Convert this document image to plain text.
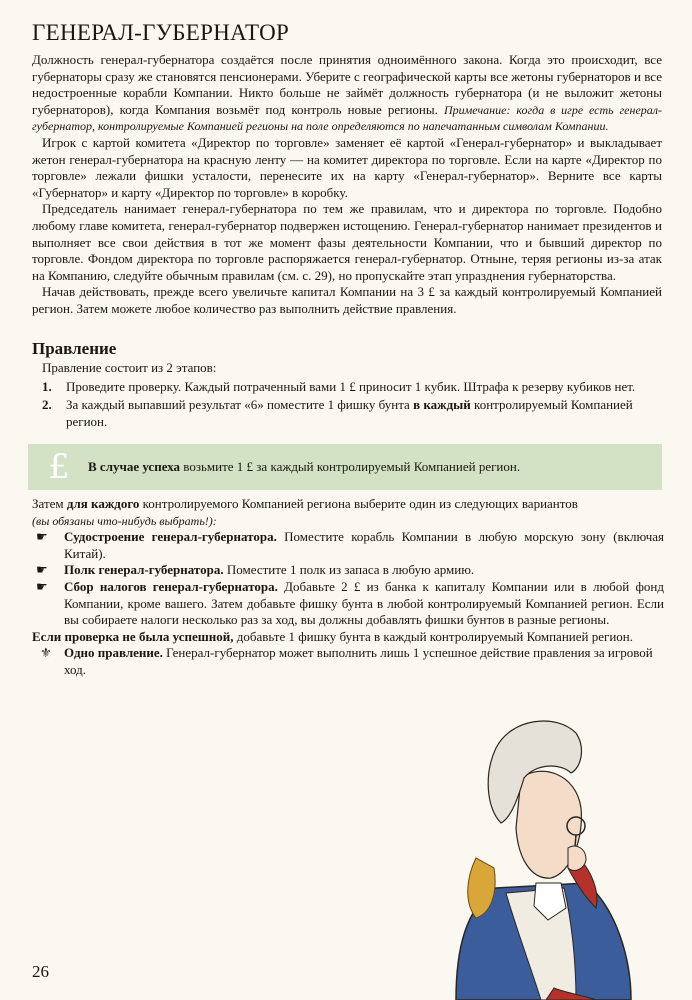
ГЕНЕРАЛ-ГУБЕРНАТОР

Должность генерал-губернатора создаётся после принятия одноимённого закона. Когда это происходит, все губернаторы сразу же становятся пенсионерами. Уберите с географической карты все жетоны губернаторов и все недостроенные корабли Компании. Никто больше не займёт должность губернатора (и не выложит жетоны губернаторов), когда Компания возьмёт под контроль новые регионы. Примечание: когда в игре есть генерал-губернатор, контролируемые Компанией регионы на поле определяются по напечатанным символам Компании.

Игрок с картой комитета «Директор по торговле» заменяет её картой «Генерал-губернатор» и выкладывает жетон генерал-губернатора на красную ленту — на комитет директора по торговле. Если на карте «Директор по торговле» лежали фишки усталости, перенесите их на карту «Генерал-губернатор». Верните все карты «Губернатор» и карту «Директор по торговле» в коробку.

Председатель нанимает генерал-губернатора по тем же правилам, что и директора по торговле. Подобно любому главе комитета, генерал-губернатор подвержен истощению. Генерал-губернатор нанимает президентов и выполняет все свои действия в тот же момент фазы деятельности Компании, что и бывший директор по торговле. Фондом директора по торговле распоряжается генерал-губернатор. Отныне, теряя регионы из-за атак на Компанию, следуйте обычным правилам (см. с. 29), но пропускайте этап упразднения губернаторства.

Начав действовать, прежде всего увеличьте капитал Компании на 3 £ за каждый контролируемый Компанией регион. Затем можете любое количество раз выполнить действие правления.

Правление

Правление состоит из 2 этапов:

1. Проведите проверку. Каждый потраченный вами 1 £ приносит 1 кубик. Штрафа к резерву кубиков нет.
2. За каждый выпавший результат «6» поместите 1 фишку бунта в каждый контролируемый Компанией регион.
£	В случае успеха возьмите 1 £ за каждый контролируемый Компанией регион.

Затем для каждого контролируемого Компанией региона выберите один из следующих вариантов

(вы обязаны что-нибудь выбрать!):

☛ Судостроение генерал-губернатора. Поместите корабль Компании в любую морскую зону (включая Китай).

☛ Полк генерал-губернатора. Поместите 1 полк из запаса в любую армию.

☛ Сбор налогов генерал-губернатора. Добавьте 2 £ из банка к капиталу Компании или в любой фонд Компании, кроме вашего. Затем добавьте фишку бунта в любой контролируемый Компанией регион. Если вы собираете налоги несколько раз за ход, вы должны добавлять фишки бунтов в разные регионы.

Если проверка не была успешной, добавьте 1 фишку бунта в каждый контролируемый Компанией регион.

⚜ Одно правление. Генерал-губернатор может выполнить лишь 1 успешное действие правления за игровой ход.

26
